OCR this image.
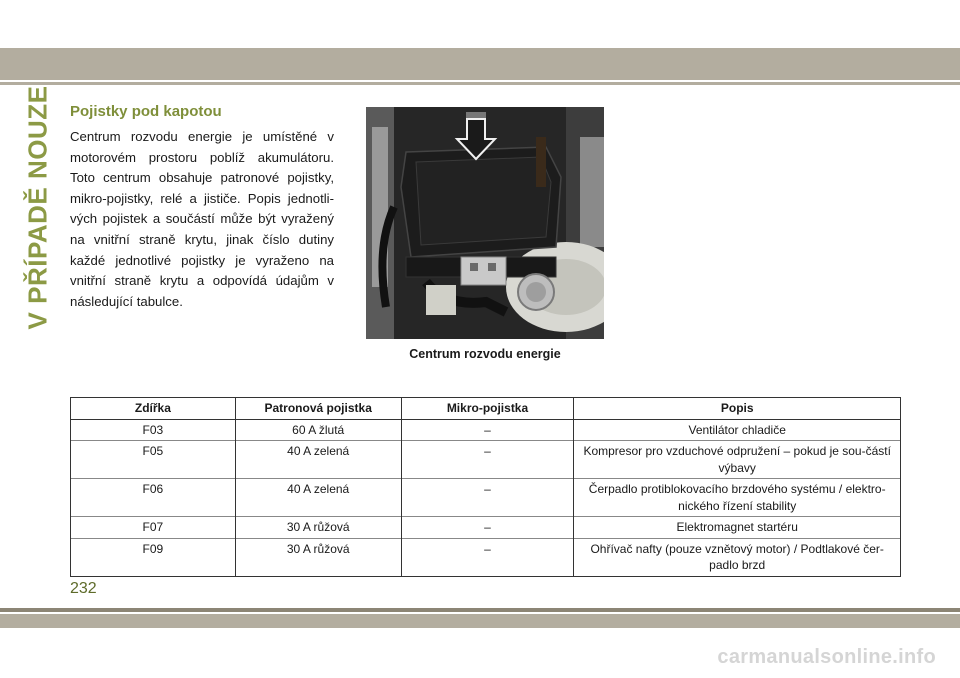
V PŘÍPADĚ NOUZE Pojistky pod kapotou

Centrum rozvodu energie je umístěné v motorovém prostoru poblíž akumulátoru. Toto centrum obsahuje patronové pojistky, mikro-pojistky, relé a jističe. Popis jednotli-vých pojistek a součástí může být vyražený na vnitřní straně krytu, jinak číslo dutiny každé jednotlivé pojistky je vyraženo na vnitřní straně krytu a odpovídá údajům v následující tabulce.

Centrum rozvodu energie
Zdířka	Patronová pojistka	Mikro-pojistka	Popis
F03	60 A žlutá	–	Ventilátor chladiče
F05	40 A zelená	–	Kompresor pro vzduchové odpružení – pokud je sou-částí výbavy
F06	40 A zelená	–	Čerpadlo protiblokovacího brzdového systému / elektro-nického řízení stability
F07	30 A růžová	–	Elektromagnet startéru
F09	30 A růžová	–	Ohřívač nafty (pouze vznětový motor) / Podtlakové čer-padlo brzd
232
carmanualsonline.info
